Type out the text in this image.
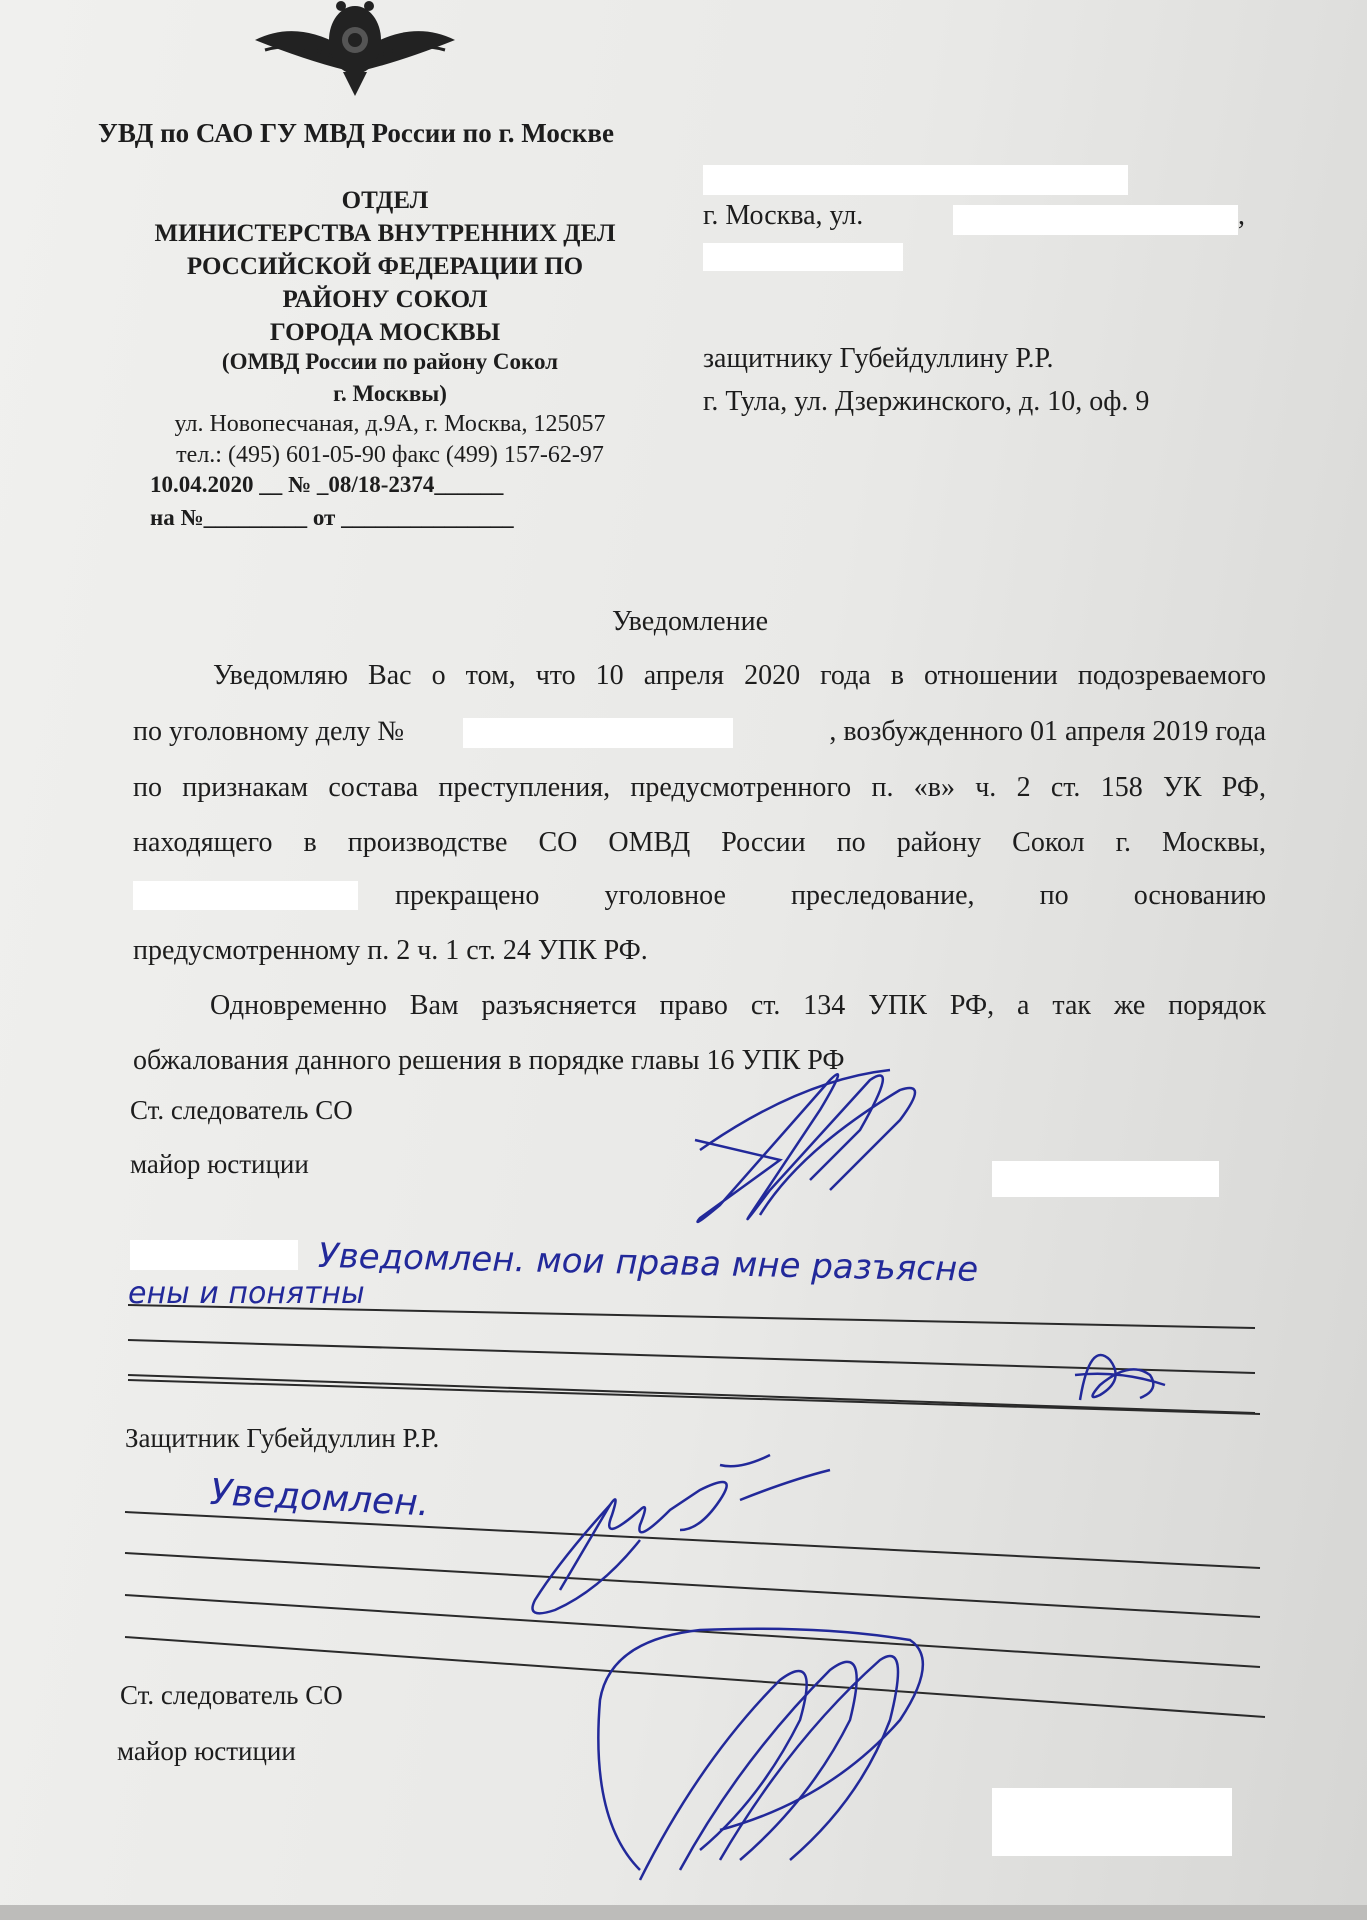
УВД по САО ГУ МВД России по г. Москве
ОТДЕЛ
МИНИСТЕРСТВА ВНУТРЕННИХ ДЕЛ
РОССИЙСКОЙ ФЕДЕРАЦИИ ПО
РАЙОНУ СОКОЛ
ГОРОДА МОСКВЫ
(ОМВД России по району Сокол
г. Москвы)
ул. Новопесчаная, д.9А, г. Москва, 125057
тел.: (495) 601-05-90 факс (499) 157-62-97
10.04.2020 __ № _08/18-2374______
на №_________ от _______________
г. Москва, ул.	,
защитнику Губейдуллину Р.Р.
г. Тула, ул. Дзержинского, д. 10, оф. 9
Уведомление
Уведомляю Вас о том, что 10 апреля 2020 года в отношении подозреваемого
по уголовному делу №	, возбужденного 01 апреля 2019 года
по признакам состава преступления, предусмотренного п. «в» ч. 2 ст. 158 УК РФ,
находящего в производстве СО ОМВД России по району Сокол г. Москвы,
прекращено уголовное преследование, по основанию
предусмотренному п. 2 ч. 1 ст. 24 УПК РФ.
Одновременно Вам разъясняется право ст. 134 УПК РФ, а так же порядок
обжалования данного решения в порядке главы 16 УПК РФ
Ст. следователь СО
майор юстиции
Уведомлен. мои права мне разъясне
ены и понятны
Защитник Губейдуллин Р.Р.
Уведомлен.
Ст. следователь СО
майор юстиции
